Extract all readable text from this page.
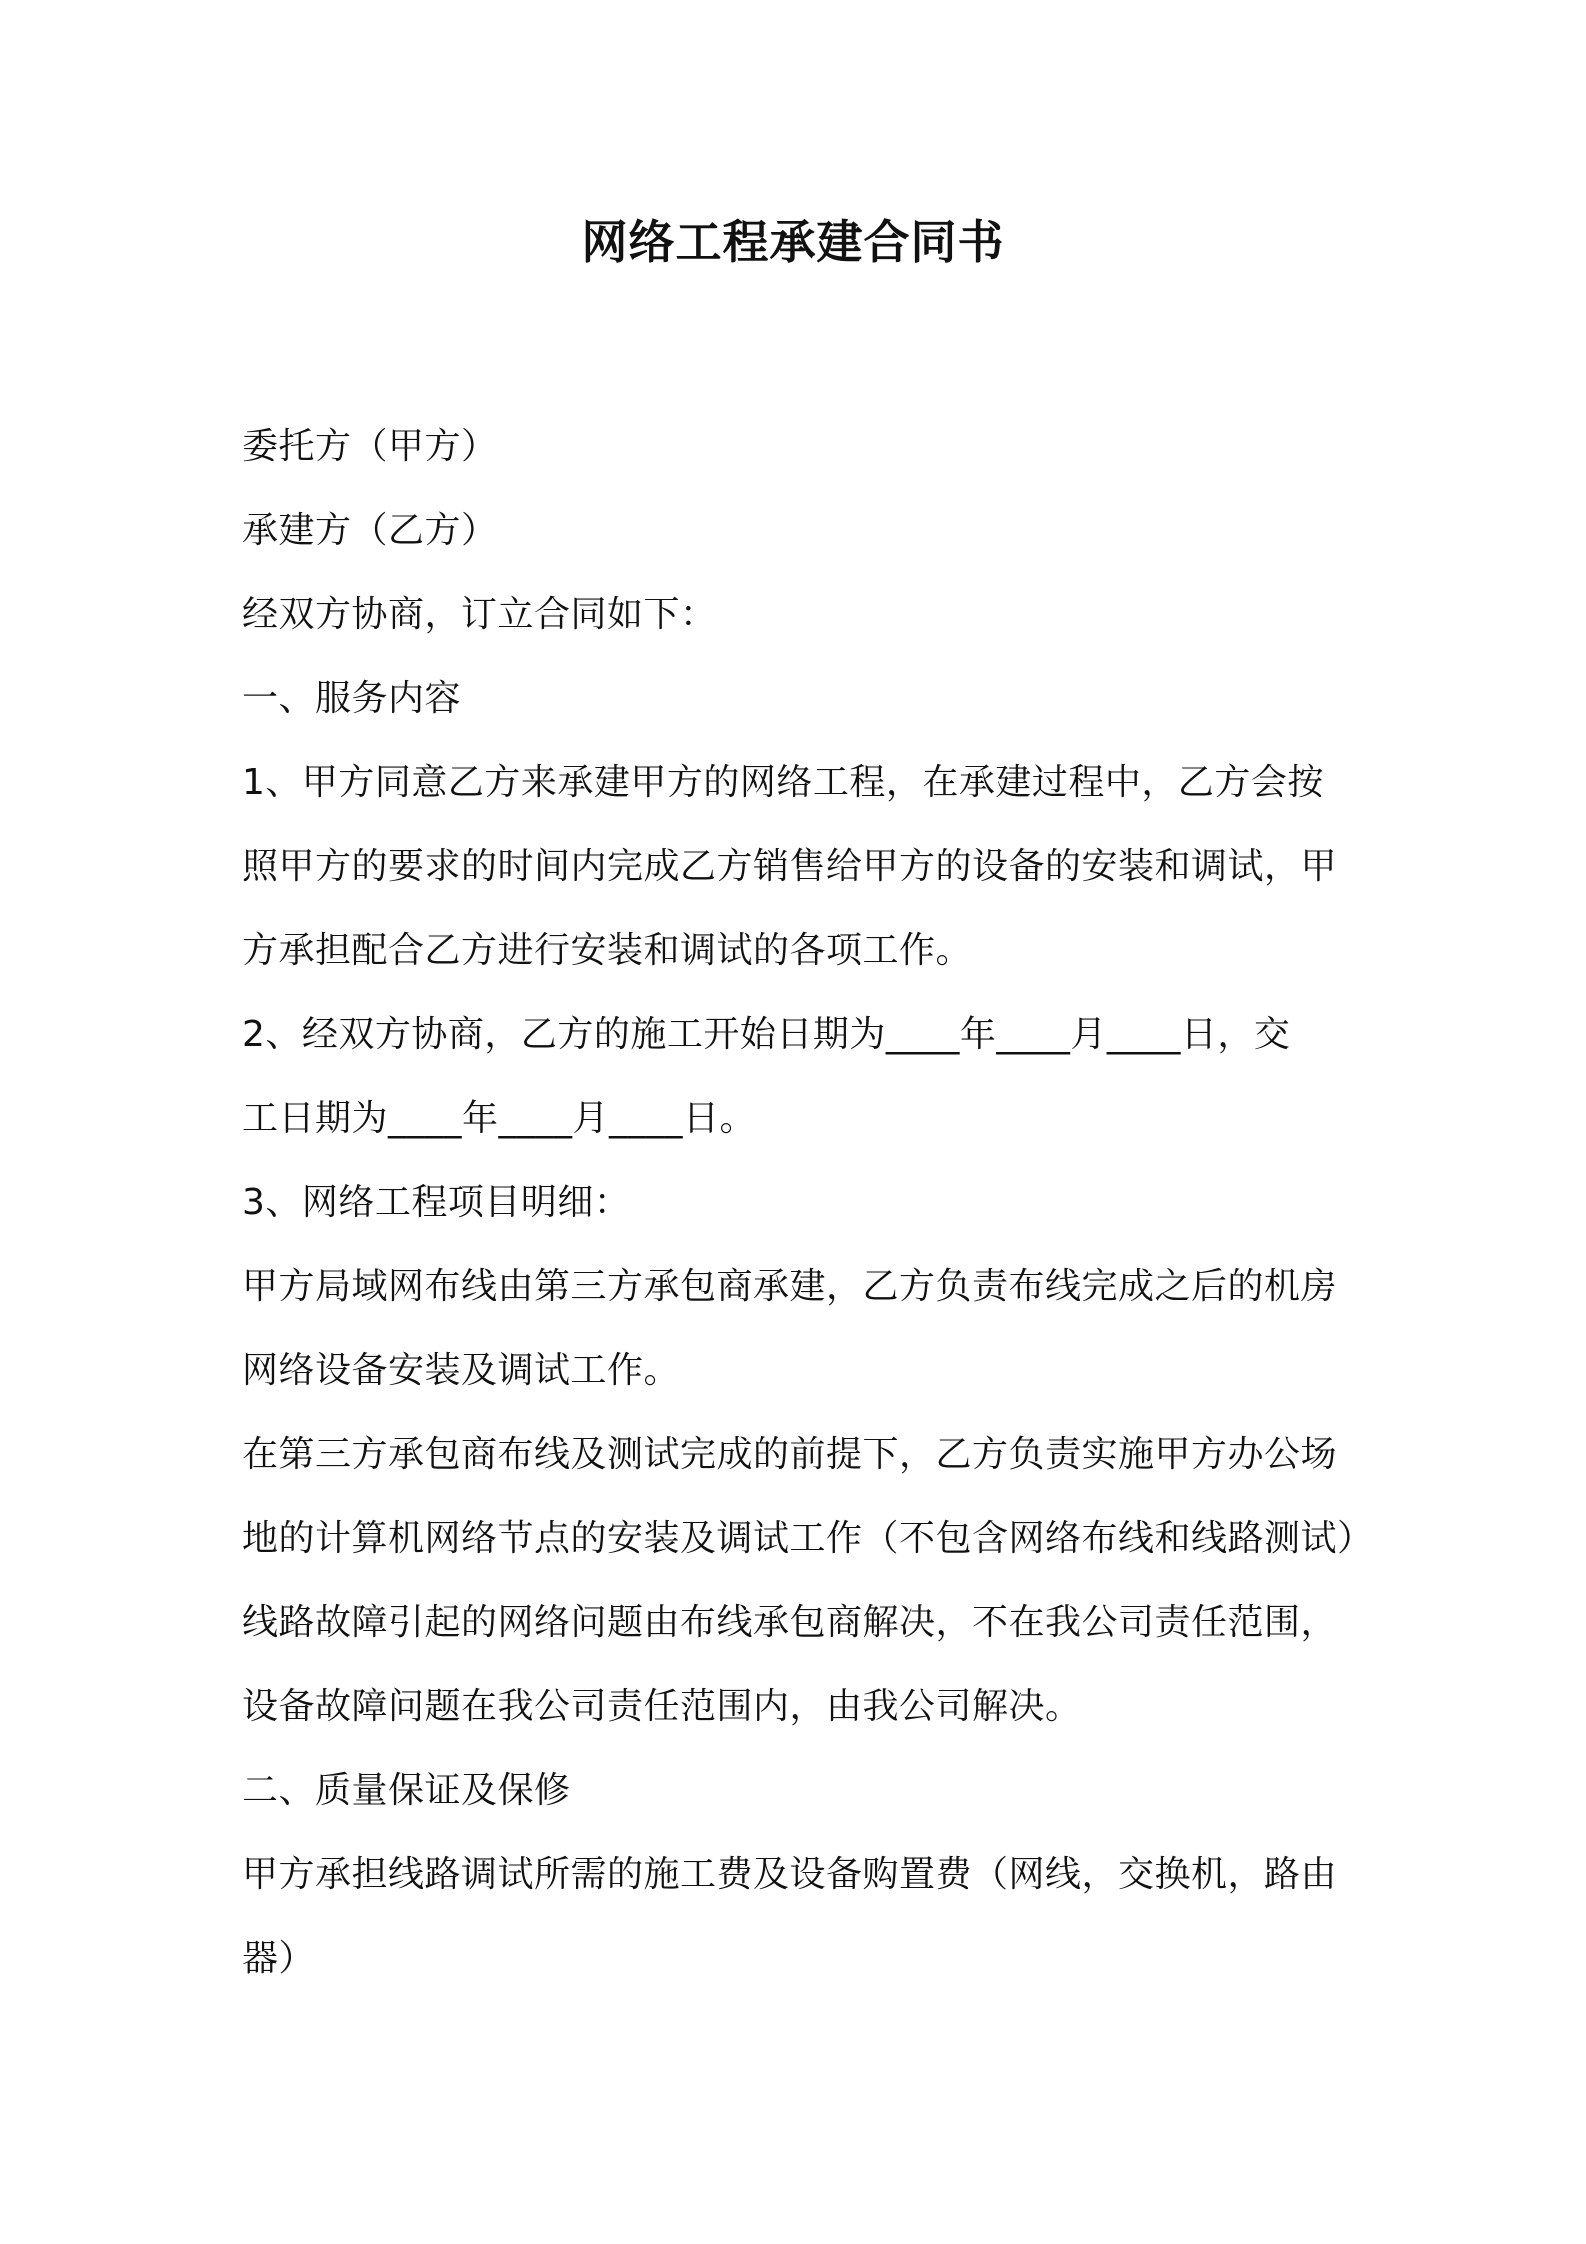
网络工程承建合同书
委托方（甲方）
承建方（乙方）
经双方协商，订立合同如下：
一、服务内容
1、甲方同意乙方来承建甲方的网络工程，在承建过程中，乙方会按
照甲方的要求的时间内完成乙方销售给甲方的设备的安装和调试，甲
方承担配合乙方进行安装和调试的各项工作。
2、经双方协商，乙方的施工开始日期为____年____月____日，交
工日期为____年____月____日。
3、网络工程项目明细：
甲方局域网布线由第三方承包商承建，乙方负责布线完成之后的机房
网络设备安装及调试工作。
在第三方承包商布线及测试完成的前提下，乙方负责实施甲方办公场
地的计算机网络节点的安装及调试工作（不包含网络布线和线路测试）
线路故障引起的网络问题由布线承包商解决，不在我公司责任范围，
设备故障问题在我公司责任范围内，由我公司解决。
二、质量保证及保修
甲方承担线路调试所需的施工费及设备购置费（网线，交换机，路由
器）
